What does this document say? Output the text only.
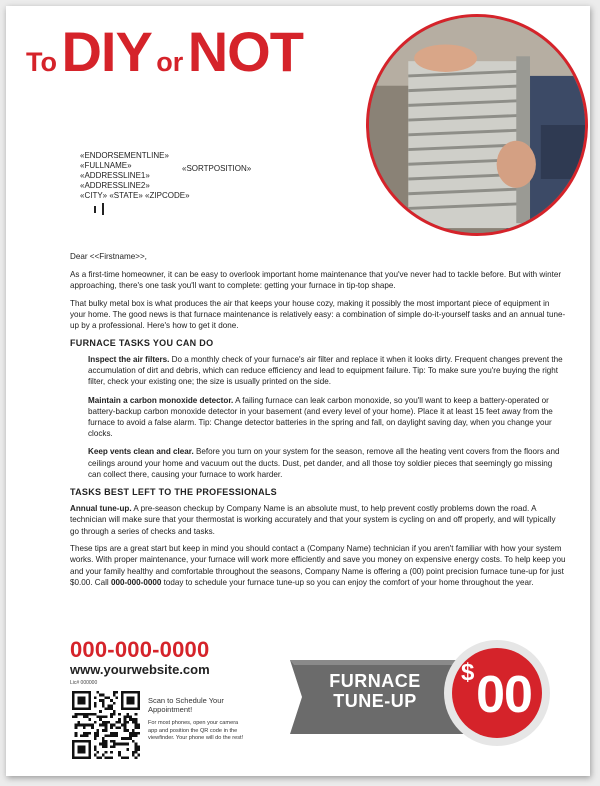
To DIY or NOT
«ENDORSEMENTLINE»
«FULLNAME»
«ADDRESSLINE1»
«ADDRESSLINE2»
«CITY» «STATE» «ZIPCODE»
«SORTPOSITION»

Dear <<Firstname>>,

As a first-time homeowner, it can be easy to overlook important home maintenance that you've never had to tackle before. But with winter approaching, there's one task you'll want to complete: getting your furnace in tip-top shape.

That bulky metal box is what produces the air that keeps your house cozy, making it possibly the most important piece of equipment in your home. The good news is that furnace maintenance is relatively easy: a combination of simple do-it-yourself tasks and an annual tune-up by a professional. Here's how to get it done.

FURNACE TASKS YOU CAN DO

Inspect the air filters. Do a monthly check of your furnace's air filter and replace it when it looks dirty. Frequent changes prevent the accumulation of dirt and debris, which can reduce efficiency and lead to equipment failure. Tip: To make sure you're buying the right filter, check your existing one; the size is usually printed on the side.

Maintain a carbon monoxide detector. A failing furnace can leak carbon monoxide, so you'll want to keep a battery-operated or battery-backup carbon monoxide detector in your basement (and every level of your home). Place it at least 15 feet away from the furnace to avoid a false alarm. Tip: Change detector batteries in the spring and fall, on daylight saving day, when you change your clocks.

Keep vents clean and clear. Before you turn on your system for the season, remove all the heating vent covers from the floors and ceilings around your home and vacuum out the ducts. Dust, pet dander, and all those toy soldier pieces that seemingly go missing can collect there, causing your furnace to work harder.

TASKS BEST LEFT TO THE PROFESSIONALS

Annual tune-up. A pre-season checkup by Company Name is an absolute must, to help prevent costly problems down the road. A technician will make sure that your thermostat is working accurately and that your system is cycling on and off properly, and will typically go through a series of checks and tasks.

These tips are a great start but keep in mind you should contact a (Company Name) technician if you aren't familiar with how your system works. With proper maintenance, your furnace will work more efficiently and save you money on expensive energy costs. To help keep you and your family healthy and comfortable throughout the seasons, Company Name is offering a (00) point precision furnace tune-up for just $0.00. Call 000-000-0000 today to schedule your furnace tune-up so you can enjoy the comfort of your home throughout the year.

000-000-0000
www.yourwebsite.com
Lic# 000000
Scan to Schedule Your Appointment!
For most phones, open your camera app and position the QR code in the viewfinder. Your phone will do the rest!
FURNACE
TUNE-UP
$ 00
